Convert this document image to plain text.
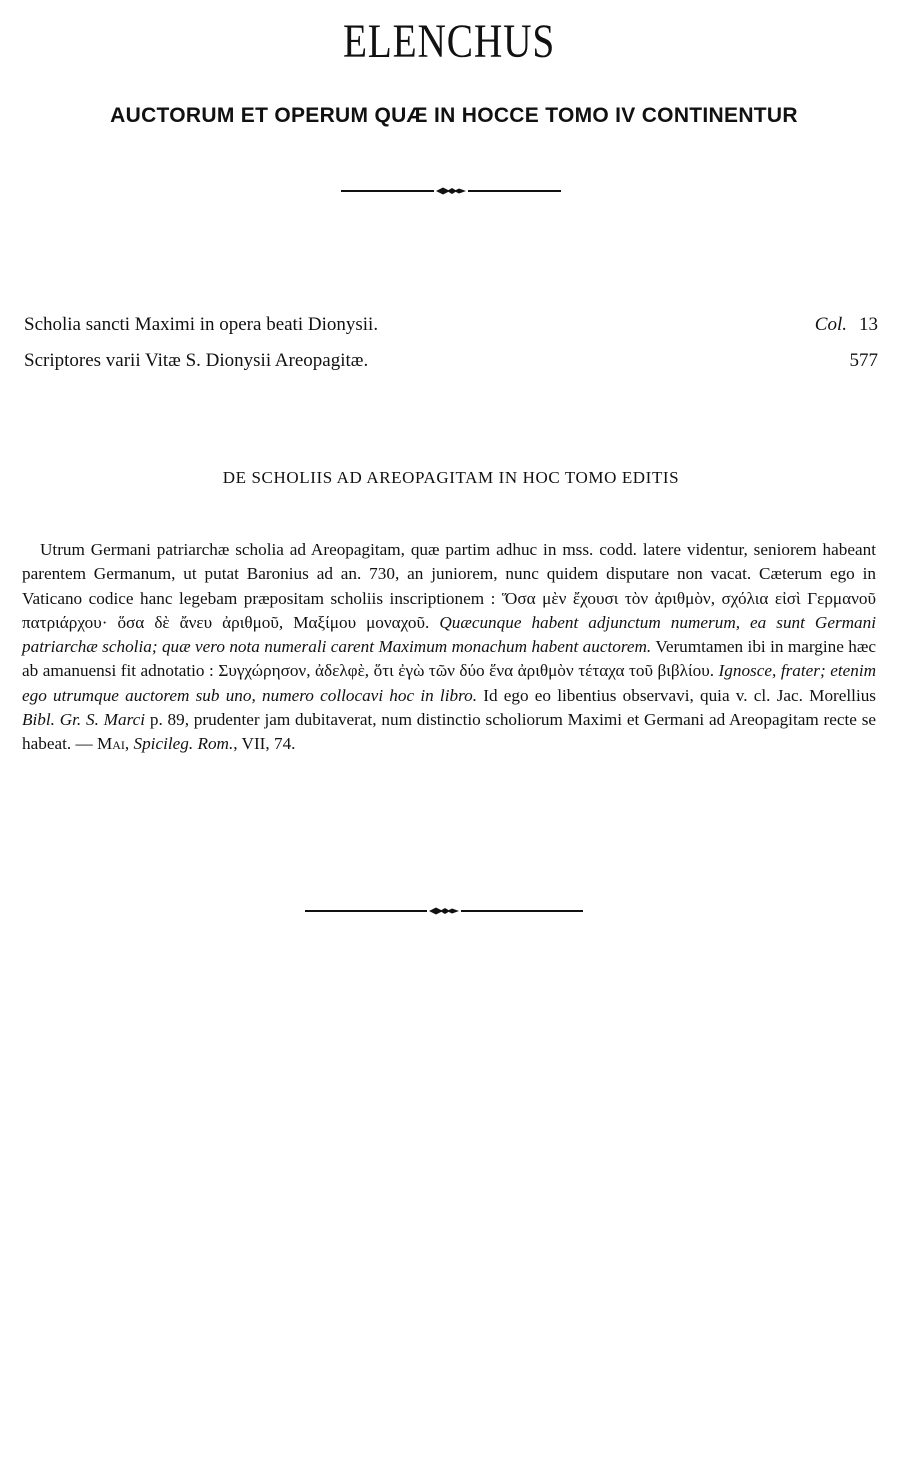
ELENCHUS
AUCTORUM ET OPERUM QUÆ IN HOCCE TOMO IV CONTINENTUR
Scholia sancti Maximi in opera beati Dionysii.	Col. 13
Scriptores varii Vitæ S. Dionysii Areopagitæ.	577
DE SCHOLIIS AD AREOPAGITAM IN HOC TOMO EDITIS
Utrum Germani patriarchæ scholia ad Areopagitam, quæ partim adhuc in mss. codd. latere videntur, seniorem habeant parentem Germanum, ut putat Baronius ad an. 730, an juniorem, nunc quidem disputare non vacat. Cæterum ego in Vaticano codice hanc legebam præpositam scholiis inscriptionem : Ὅσα μὲν ἔχουσι τὸν ἀριθμὸν, σχόλια εἰσὶ Γερμανοῦ πατριάρχου· ὅσα δὲ ἄνευ ἀριθμοῦ, Μαξίμου μοναχοῦ. Quæcunque habent adjunctum numerum, ea sunt Germani patriarchæ scholia; quæ vero nota numerali carent Maximum monachum habent auctorem. Verumtamen ibi in margine hæc ab amanuensi fit adnotatio : Συγχώρησον, ἀδελφὲ, ὅτι ἐγὼ τῶν δύο ἕνα ἀριθμὸν τέταχα τοῦ βιβλίου. Ignosce, frater; etenim ego utrumque auctorem sub uno, numero collocavi hoc in libro. Id ego eo libentius observavi, quia v. cl. Jac. Morellius Bibl. Gr. S. Marci p. 89, prudenter jam dubitaverat, num distinctio scholiorum Maximi et Germani ad Areopagitam recte se habeat. — Mai, Spicileg. Rom., VII, 74.
